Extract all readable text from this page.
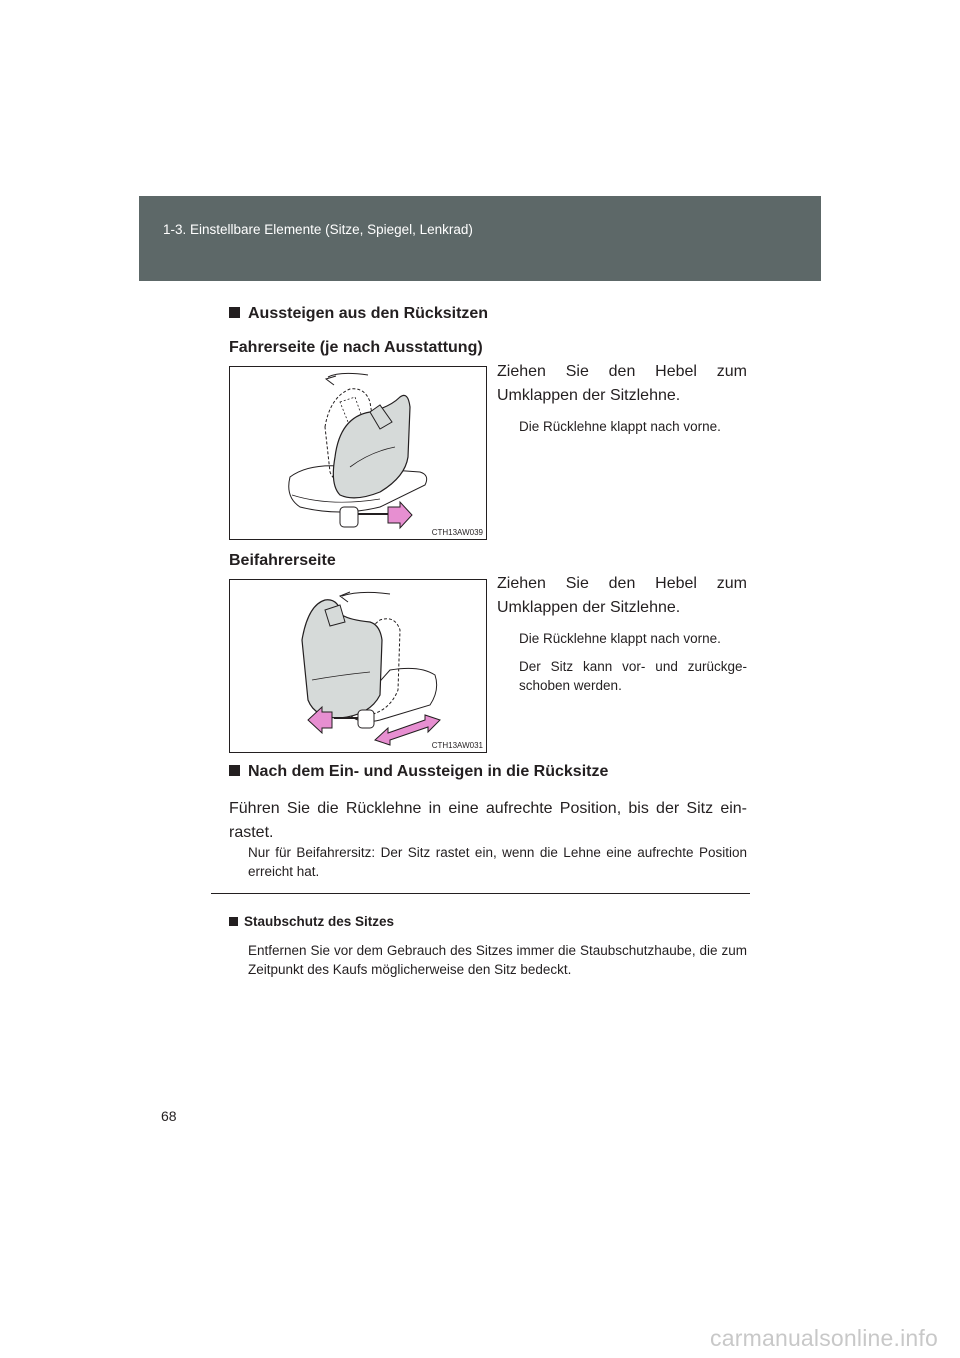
1-3. Einstellbare Elemente (Sitze, Spiegel, Lenkrad)
Aussteigen aus den Rücksitzen
Fahrerseite (je nach Ausstattung)
CTH13AW039
Ziehen Sie den Hebel zum Umklappen der Sitzlehne.
Die Rücklehne klappt nach vorne.
Beifahrerseite
CTH13AW031
Ziehen Sie den Hebel zum Umklappen der Sitzlehne.
Die Rücklehne klappt nach vorne.
Der Sitz kann vor- und zurückge-schoben werden.
Nach dem Ein- und Aussteigen in die Rücksitze
Führen Sie die Rücklehne in eine aufrechte Position, bis der Sitz ein-rastet.
Nur für Beifahrersitz: Der Sitz rastet ein, wenn die Lehne eine aufrechte Position erreicht hat.
Staubschutz des Sitzes
Entfernen Sie vor dem Gebrauch des Sitzes immer die Staubschutzhaube, die zum Zeitpunkt des Kaufs möglicherweise den Sitz bedeckt.
68
carmanualsonline.info
